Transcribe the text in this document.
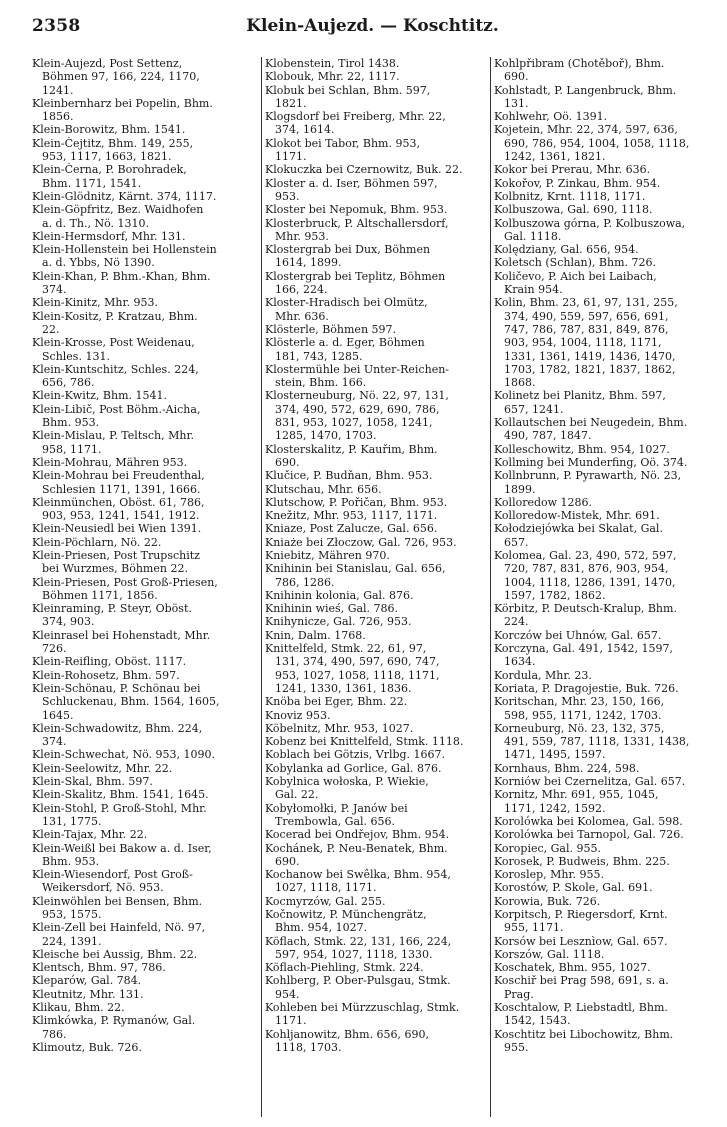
2358	Klein-Aujezd. — Koschtitz.
Klein-Aujezd, Post Settenz,
Böhmen 97, 166, 224, 1170,
1241.
Kleinbernharz bei Popelin, Bhm.
1856.
Klein-Borowitz, Bhm. 1541.
Klein-Čejtitz, Bhm. 149, 255,
953, 1117, 1663, 1821.
Klein-Černa, P. Borohradek,
Bhm. 1171, 1541.
Klein-Glödnitz, Kärnt. 374, 1117.
Klein-Göpfritz, Bez. Waidhofen
a. d. Th., Nö. 1310.
Klein-Hermsdorf, Mhr. 131.
Klein-Hollenstein bei Hollenstein
a. d. Ybbs, Nö 1390.
Klein-Khan, P. Bhm.-Khan, Bhm.
374.
Klein-Kinitz, Mhr. 953.
Klein-Kositz, P. Kratzau, Bhm.
22.
Klein-Krosse, Post Weidenau,
Schles. 131.
Klein-Kuntschitz, Schles. 224,
656, 786.
Klein-Kwitz, Bhm. 1541.
Klein-Libič, Post Böhm.-Aicha,
Bhm. 953.
Klein-Mislau, P. Teltsch, Mhr.
958, 1171.
Klein-Mohrau, Mähren 953.
Klein-Mohrau bei Freudenthal,
Schlesien 1171, 1391, 1666.
Kleinmünchen, Oböst. 61, 786,
903, 953, 1241, 1541, 1912.
Klein-Neusiedl bei Wien 1391.
Klein-Pöchlarn, Nö. 22.
Klein-Priesen, Post Trupschitz
bei Wurzmes, Böhmen 22.
Klein-Priesen, Post Groß-Priesen,
Böhmen 1171, 1856.
Kleinraming, P. Steyr, Oböst.
374, 903.
Kleinrasel bei Hohenstadt, Mhr.
726.
Klein-Reifling, Oböst. 1117.
Klein-Rohosetz, Bhm. 597.
Klein-Schönau, P. Schönau bei
Schluckenau, Bhm. 1564, 1605,
1645.
Klein-Schwadowitz, Bhm. 224,
374.
Klein-Schwechat, Nö. 953, 1090.
Klein-Seelowitz, Mhr. 22.
Klein-Skal, Bhm. 597.
Klein-Skalitz, Bhm. 1541, 1645.
Klein-Stohl, P. Groß-Stohl, Mhr.
131, 1775.
Klein-Tajax, Mhr. 22.
Klein-Weißl bei Bakow a. d. Iser,
Bhm. 953.
Klein-Wiesendorf, Post Groß-
Weikersdorf, Nö. 953.
Kleinwöhlen bei Bensen, Bhm.
953, 1575.
Klein-Zell bei Hainfeld, Nö. 97,
224, 1391.
Kleische bei Aussig, Bhm. 22.
Klentsch, Bhm. 97, 786.
Kleparów, Gal. 784.
Kleutnitz, Mhr. 131.
Klikau, Bhm. 22.
Klimkówka, P. Rymanów, Gal.
786.
Klimoutz, Buk. 726.
Klobenstein, Tirol 1438.
Klobouk, Mhr. 22, 1117.
Klobuk bei Schlan, Bhm. 597,
1821.
Klogsdorf bei Freiberg, Mhr. 22,
374, 1614.
Klokot bei Tabor, Bhm. 953,
1171.
Klokuczka bei Czernowitz, Buk. 22.
Kloster a. d. Iser, Böhmen 597,
953.
Kloster bei Nepomuk, Bhm. 953.
Klosterbruck, P. Altschallersdorf,
Mhr. 953.
Klostergrab bei Dux, Böhmen
1614, 1899.
Klostergrab bei Teplitz, Böhmen
166, 224.
Kloster-Hradisch bei Olmütz,
Mhr. 636.
Klösterle, Böhmen 597.
Klösterle a. d. Eger, Böhmen
181, 743, 1285.
Klostermühle bei Unter-Reichen-
stein, Bhm. 166.
Klosterneuburg, Nö. 22, 97, 131,
374, 490, 572, 629, 690, 786,
831, 953, 1027, 1058, 1241,
1285, 1470, 1703.
Klosterskalitz, P. Kauřim, Bhm.
690.
Klučice, P. Budňan, Bhm. 953.
Klutschau, Mhr. 656.
Klutschow, P. Pořičan, Bhm. 953.
Knežitz, Mhr. 953, 1117, 1171.
Kniaze, Post Zalucze, Gal. 656.
Kniaże bei Złoczow, Gal. 726, 953.
Kniebitz, Mähren 970.
Knihinin bei Stanislau, Gal. 656,
786, 1286.
Knihinin kolonia, Gal. 876.
Knihinin wieś, Gal. 786.
Knihynicze, Gal. 726, 953.
Knin, Dalm. 1768.
Knittelfeld, Stmk. 22, 61, 97,
131, 374, 490, 597, 690, 747,
953, 1027, 1058, 1118, 1171,
1241, 1330, 1361, 1836.
Knöba bei Eger, Bhm. 22.
Knoviz 953.
Köbelnitz, Mhr. 953, 1027.
Kobenz bei Knittelfeld, Stmk. 1118.
Koblach bei Götzis, Vrlbg. 1667.
Kobylanka ad Gorlice, Gal. 876.
Kobylnica wołoska, P. Wiekie,
Gal. 22.
Kobyłomołki, P. Janów bei
Trembowla, Gal. 656.
Kocerad bei Ondřejov, Bhm. 954.
Kochánek, P. Neu-Benatek, Bhm.
690.
Kochanow bei Swêlka, Bhm. 954,
1027, 1118, 1171.
Kocmyrzów, Gal. 255.
Kočnowitz, P. Münchengrätz,
Bhm. 954, 1027.
Köflach, Stmk. 22, 131, 166, 224,
597, 954, 1027, 1118, 1330.
Köflach-Piehling, Stmk. 224.
Kohlberg, P. Ober-Pulsgau, Stmk.
954.
Kohleben bei Mürzzuschlag, Stmk.
1171.
Kohljanowitz, Bhm. 656, 690,
1118, 1703.
Kohlpřibram (Chotěboř), Bhm.
690.
Kohlstadt, P. Langenbruck, Bhm.
131.
Kohlwehr, Oö. 1391.
Kojetein, Mhr. 22, 374, 597, 636,
690, 786, 954, 1004, 1058, 1118,
1242, 1361, 1821.
Kokor bei Prerau, Mhr. 636.
Kokořov, P. Zinkau, Bhm. 954.
Kolbnitz, Krnt. 1118, 1171.
Kolbuszowa, Gal. 690, 1118.
Kolbuszowa górna, P. Kolbuszowa,
Gal. 1118.
Kolędziany, Gal. 656, 954.
Koletsch (Schlan), Bhm. 726.
Količevo, P. Aich bei Laibach,
Krain 954.
Kolin, Bhm. 23, 61, 97, 131, 255,
374, 490, 559, 597, 656, 691,
747, 786, 787, 831, 849, 876,
903, 954, 1004, 1118, 1171,
1331, 1361, 1419, 1436, 1470,
1703, 1782, 1821, 1837, 1862,
1868.
Kolinetz bei Planitz, Bhm. 597,
657, 1241.
Kollautschen bei Neugedein, Bhm.
490, 787, 1847.
Kolleschowitz, Bhm. 954, 1027.
Kollming bei Munderfing, Oö. 374.
Kollnbrunn, P. Pyrawarth, Nö. 23,
1899.
Kolloredow 1286.
Kolloredow-Mistek, Mhr. 691.
Kołodziejówka bei Skalat, Gal.
657.
Kolomea, Gal. 23, 490, 572, 597,
720, 787, 831, 876, 903, 954,
1004, 1118, 1286, 1391, 1470,
1597, 1782, 1862.
Körbitz, P. Deutsch-Kralup, Bhm.
224.
Korczów bei Uhnów, Gal. 657.
Korczyna, Gal. 491, 1542, 1597,
1634.
Kordula, Mhr. 23.
Koriata, P. Dragojestie, Buk. 726.
Koritschan, Mhr. 23, 150, 166,
598, 955, 1171, 1242, 1703.
Korneuburg, Nö. 23, 132, 375,
491, 559, 787, 1118, 1331, 1438,
1471, 1495, 1597.
Kornhaus, Bhm. 224, 598.
Korniów bei Czernelitza, Gal. 657.
Kornitz, Mhr. 691, 955, 1045,
1171, 1242, 1592.
Korolówka bei Kolomea, Gal. 598.
Korolówka bei Tarnopol, Gal. 726.
Koropiec, Gal. 955.
Korosek, P. Budweis, Bhm. 225.
Koroslep, Mhr. 955.
Korostów, P. Skole, Gal. 691.
Korowia, Buk. 726.
Korpitsch, P. Riegersdorf, Krnt.
955, 1171.
Korsów bei Lesznìow, Gal. 657.
Korszów, Gal. 1118.
Koschatek, Bhm. 955, 1027.
Koschiř bei Prag 598, 691, s. a.
Prag.
Koschtalow, P. Liebstadtl, Bhm.
1542, 1543.
Koschtitz bei Libochowitz, Bhm.
955.
